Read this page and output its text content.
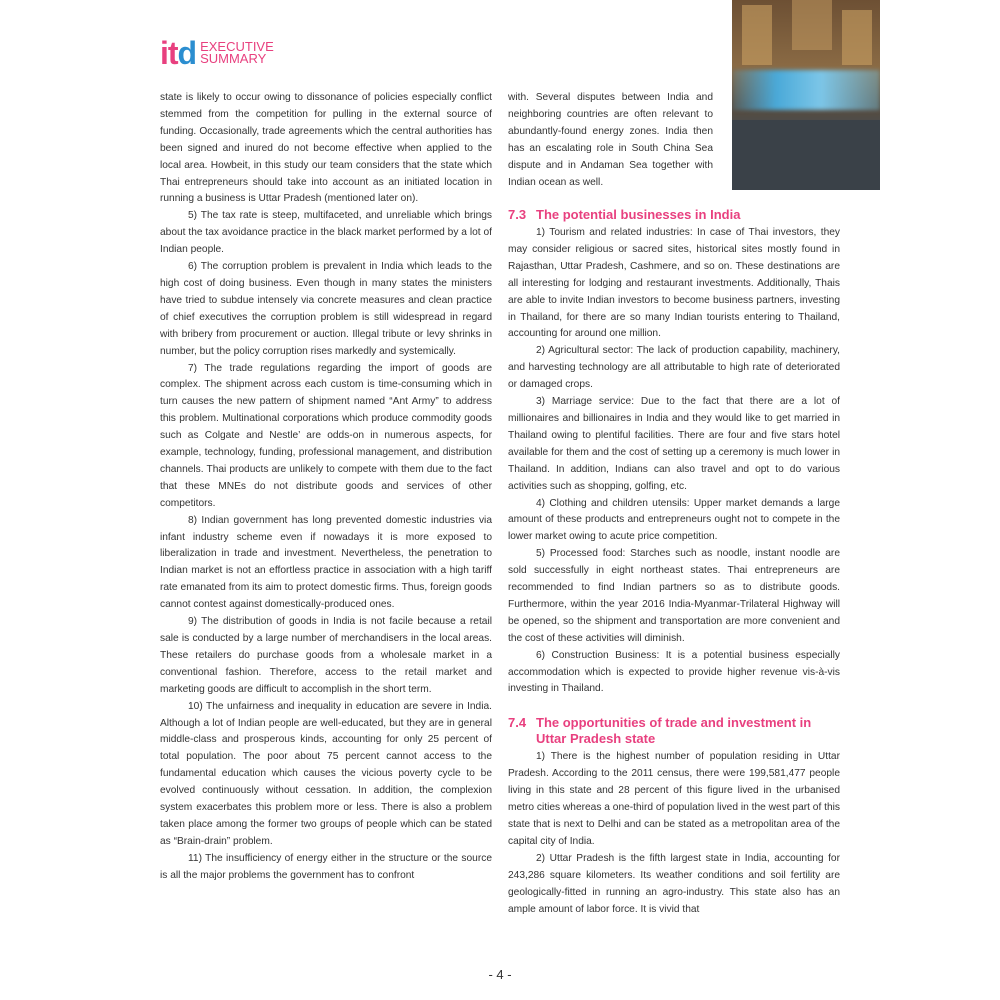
itd EXECUTIVE
SUMMARY

state is likely to occur owing to dissonance of policies especially conflict stemmed from the competition for pulling in the external source of funding. Occasionally, trade agreements which the central authorities has been signed and inured do not become effective when applied to the local area. Howbeit, in this study our team considers that the state which Thai entrepreneurs should take into account as an initiated location in running a business is Uttar Pradesh (mentioned later on).

5) The tax rate is steep, multifaceted, and unreliable which brings about the tax avoidance practice in the black market performed by a lot of Indian people.

6) The corruption problem is prevalent in India which leads to the high cost of doing business. Even though in many states the ministers have tried to subdue intensely via concrete measures and clean practice of chief executives the corruption problem is still widespread in regard with bribery from procurement or auction. Illegal tribute or levy shrinks in number, but the policy corruption rises markedly and systemically.

7) The trade regulations regarding the import of goods are complex. The shipment across each custom is time-consuming which in turn causes the new pattern of shipment named “Ant Army” to address this problem. Multinational corporations which produce commodity goods such as Colgate and Nestle’ are odds-on in numerous aspects, for example, technology, funding, professional management, and distribution channels. Thai products are unlikely to compete with them due to the fact that these MNEs do not distribute goods and services of other competitors.

8) Indian government has long prevented domestic industries via infant industry scheme even if nowadays it is more exposed to liberalization in trade and investment. Nevertheless, the penetration to Indian market is not an effortless practice in association with a high tariff rate emanated from its aim to protect domestic firms. Thus, foreign goods cannot contest against domestically-produced ones.

9) The distribution of goods in India is not facile because a retail sale is conducted by a large number of merchandisers in the local areas. These retailers do purchase goods from a wholesale market in a conventional fashion. Therefore, access to the retail market and marketing goods are difficult to accomplish in the short term.

10) The unfairness and inequality in education are severe in India. Although a lot of Indian people are well-educated, but they are in general middle-class and prosperous kinds, accounting for only 25 percent of total population. The poor about 75 percent cannot access to the fundamental education which causes the vicious poverty cycle to be evolved continuously without cessation. In addition, the complexion system exacerbates this problem more or less. There is also a problem taken place among the former two groups of people which can be stated as “Brain-drain” problem.

11) The insufficiency of energy either in the structure or the source is all the major problems the government has to confront

with. Several disputes between India and neighboring countries are often relevant to abundantly-found energy zones. India then has an escalating role in South China Sea dispute and in Andaman Sea together with Indian ocean as well.

7.3 The potential businesses in India

1) Tourism and related industries: In case of Thai investors, they may consider religious or sacred sites, historical sites mostly found in Rajasthan, Uttar Pradesh, Cashmere, and so on. These destinations are all interesting for lodging and restaurant investments. Additionally, Thais are able to invite Indian investors to become business partners, investing in Thailand, for there are so many Indian tourists entering to Thailand, accounting for around one million.

2) Agricultural sector: The lack of production capability, machinery, and harvesting technology are all attributable to high rate of deteriorated or damaged crops.

3) Marriage service: Due to the fact that there are a lot of millionaires and billionaires in India and they would like to get married in Thailand owing to plentiful facilities. There are four and five stars hotel available for them and the cost of setting up a ceremony is much lower in Thailand. In addition, Indians can also travel and opt to do various activities such as shopping, golfing, etc.

4) Clothing and children utensils: Upper market demands a large amount of these products and entrepreneurs ought not to compete in the lower market owing to acute price competition.

5) Processed food: Starches such as noodle, instant noodle are sold successfully in eight northeast states. Thai entrepreneurs are recommended to find Indian partners so as to distribute goods. Furthermore, within the year 2016 India-Myanmar-Trilateral Highway will be opened, so the shipment and transportation are more convenient and the cost of these activities will diminish.

6) Construction Business: It is a potential business especially accommodation which is expected to provide higher revenue vis-à-vis investing in Thailand.

7.4 The opportunities of trade and investment in Uttar Pradesh state

1) There is the highest number of population residing in Uttar Pradesh. According to the 2011 census, there were 199,581,477 people living in this state and 28 percent of this figure lived in the urbanised metro cities whereas a one-third of population lived in the west part of this state that is next to Delhi and can be stated as a metropolitan area of the capital city of India.

2) Uttar Pradesh is the fifth largest state in India, accounting for 243,286 square kilometers. Its weather conditions and soil fertility are geologically-fitted in running an agro-industry. This state also has an ample amount of labor force. It is vivid that

- 4 -
